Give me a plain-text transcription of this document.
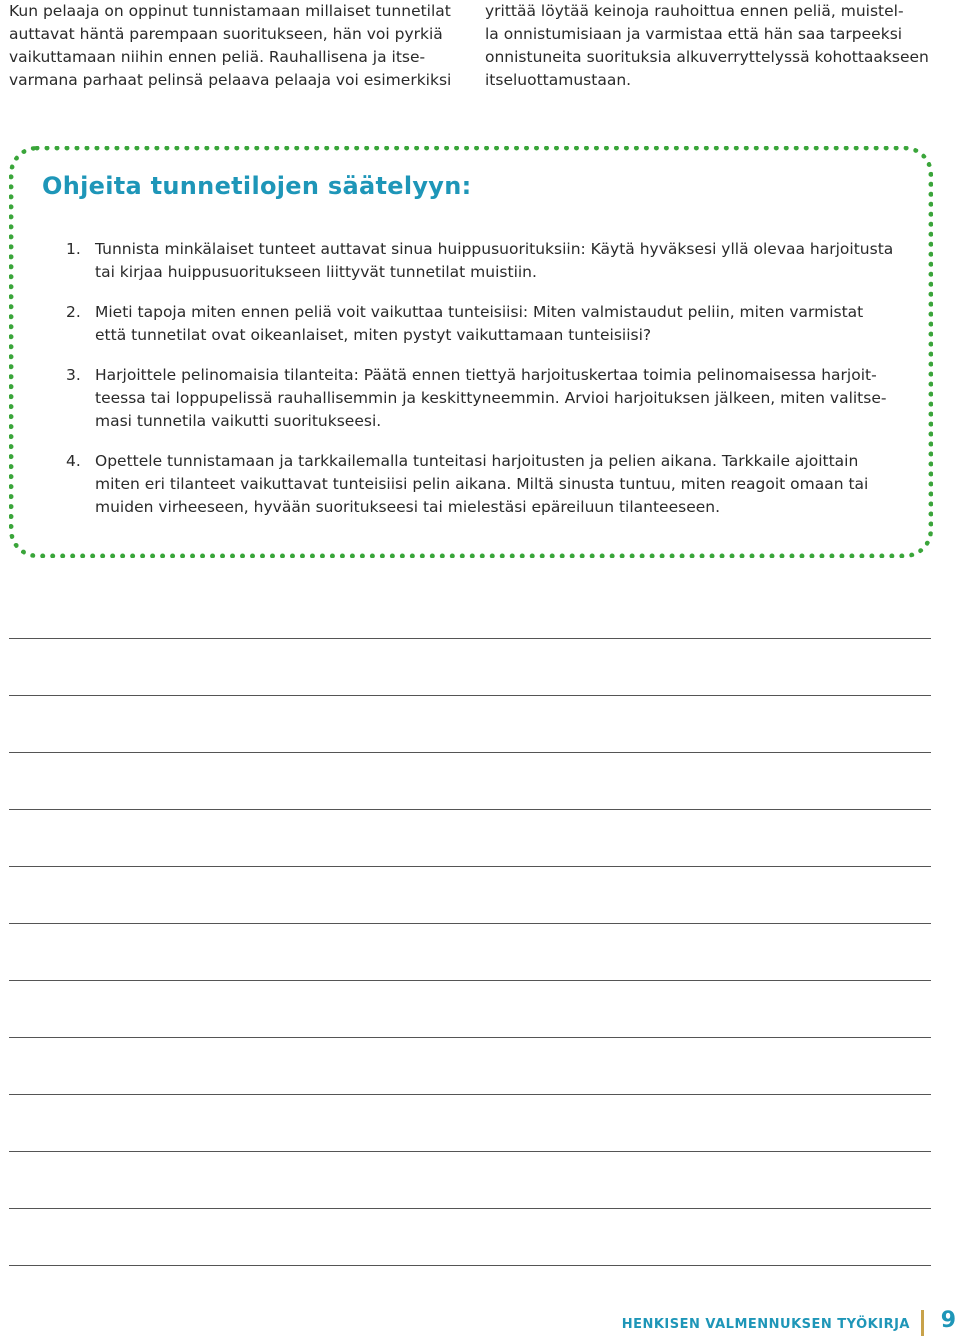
Kun pelaaja on oppinut tunnistamaan millaiset tunnetilat
auttavat häntä parempaan suoritukseen, hän voi pyrkiä
vaikuttamaan niihin ennen peliä. Rauhallisena ja itse-
varmana parhaat pelinsä pelaava pelaaja voi esimerkiksi
yrittää löytää keinoja rauhoittua ennen peliä, muistel-
la onnistumisiaan ja varmistaa että hän saa tarpeeksi
onnistuneita suorituksia alkuverryttelyssä kohottaakseen
itseluottamustaan.
Ohjeita tunnetilojen säätelyyn:
1. Tunnista minkälaiset tunteet auttavat sinua huippusuorituksiin: Käytä hyväksesi yllä olevaa harjoitusta
tai kirjaa huippusuoritukseen liittyvät tunnetilat muistiin.
2. Mieti tapoja miten ennen peliä voit vaikuttaa tunteisiisi: Miten valmistaudut peliin, miten varmistat
että tunnetilat ovat oikeanlaiset, miten pystyt vaikuttamaan tunteisiisi?
3. Harjoittele pelinomaisia tilanteita: Päätä ennen tiettyä harjoituskertaa toimia pelinomaisessa harjoit-
teessa tai loppupelissä rauhallisemmin ja keskittyneemmin. Arvioi harjoituksen jälkeen, miten valitse-
masi tunnetila vaikutti suoritukseesi.
4. Opettele tunnistamaan ja tarkkailemalla tunteitasi harjoitusten ja pelien aikana. Tarkkaile ajoittain
miten eri tilanteet vaikuttavat tunteisiisi pelin aikana. Miltä sinusta tuntuu, miten reagoit omaan tai
muiden virheeseen, hyvään suoritukseesi tai mielestäsi epäreiluun tilanteeseen.
HENKISEN VALMENNUKSEN TYÖKIRJA 9
